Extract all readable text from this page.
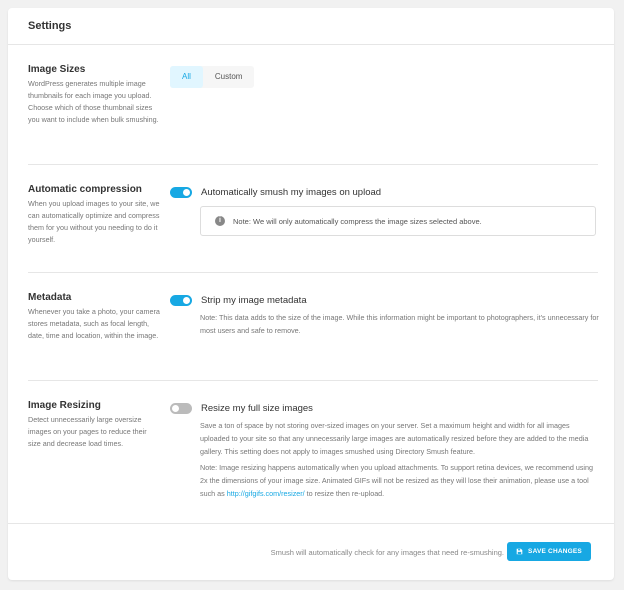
Settings
Image Sizes
WordPress generates multiple image thumbnails for each image you upload. Choose which of those thumbnail sizes you want to include when bulk smushing.
All	Custom
Automatic compression
When you upload images to your site, we can automatically optimize and compress them for you without you needing to do it yourself.
Automatically smush my images on upload
i	Note: We will only automatically compress the image sizes selected above.
Metadata
Whenever you take a photo, your camera stores metadata, such as focal length, date, time and location, within the image.
Strip my image metadata
Note: This data adds to the size of the image. While this information might be important to photographers, it's unnecessary for most users and safe to remove.
Image Resizing
Detect unnecessarily large oversize images on your pages to reduce their size and decrease load times.
Resize my full size images
Save a ton of space by not storing over-sized images on your server. Set a maximum height and width for all images uploaded to your site so that any unnecessarily large images are automatically resized before they are added to the media gallery. This setting does not apply to images smushed using Directory Smush feature.
Note: Image resizing happens automatically when you upload attachments. To support retina devices, we recommend using 2x the dimensions of your image size. Animated GIFs will not be resized as they will lose their animation, please use a tool such as http://gifgifs.com/resizer/ to resize then re-upload.
Smush will automatically check for any images that need re-smushing.	SAVE CHANGES
